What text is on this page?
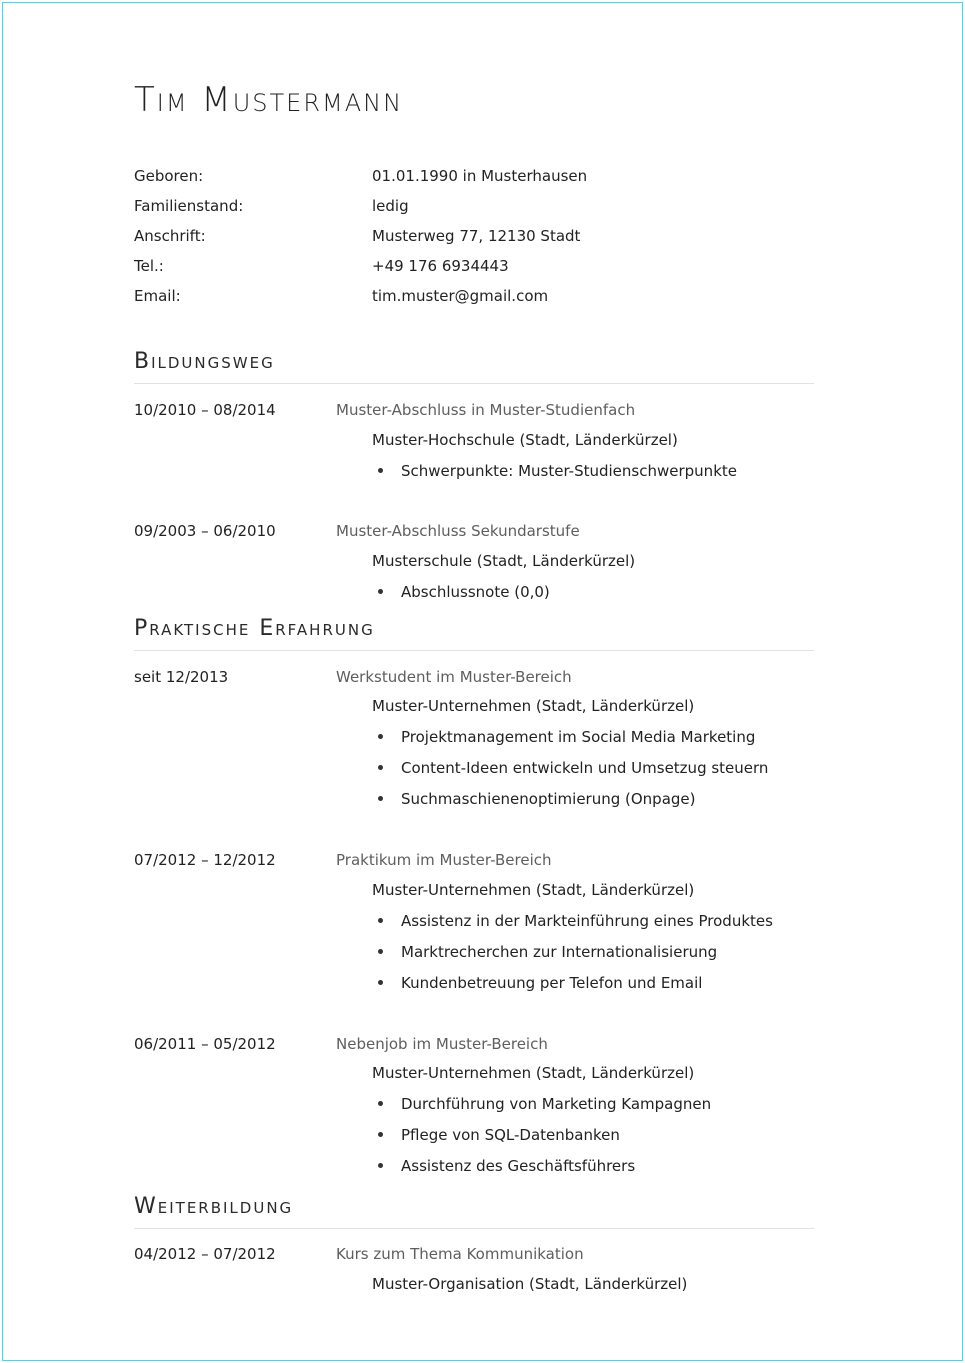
Tim Mustermann
Geboren:	01.01.1990 in Musterhausen
Familienstand:	ledig
Anschrift:	Musterweg 77, 12130 Stadt
Tel.:	+49 176 6934443
Email:	tim.muster@gmail.com
Bildungsweg
10/2010 – 08/2014	Muster-Abschluss in Muster-Studienfach
Muster-Hochschule (Stadt, Länderkürzel)
Schwerpunkte: Muster-Studienschwerpunkte
09/2003 – 06/2010	Muster-Abschluss Sekundarstufe
Musterschule (Stadt, Länderkürzel)
Abschlussnote (0,0)
Praktische Erfahrung
seit 12/2013	Werkstudent im Muster-Bereich
Muster-Unternehmen (Stadt, Länderkürzel)
Projektmanagement im Social Media Marketing
Content-Ideen entwickeln und Umsetzug steuern
Suchmaschienenoptimierung (Onpage)
07/2012 – 12/2012	Praktikum im Muster-Bereich
Muster-Unternehmen (Stadt, Länderkürzel)
Assistenz in der Markteinführung eines Produktes
Marktrecherchen zur Internationalisierung
Kundenbetreuung per Telefon und Email
06/2011 – 05/2012	Nebenjob im Muster-Bereich
Muster-Unternehmen (Stadt, Länderkürzel)
Durchführung von Marketing Kampagnen
Pflege von SQL-Datenbanken
Assistenz des Geschäftsführers
Weiterbildung
04/2012 – 07/2012	Kurs zum Thema Kommunikation
Muster-Organisation (Stadt, Länderkürzel)
